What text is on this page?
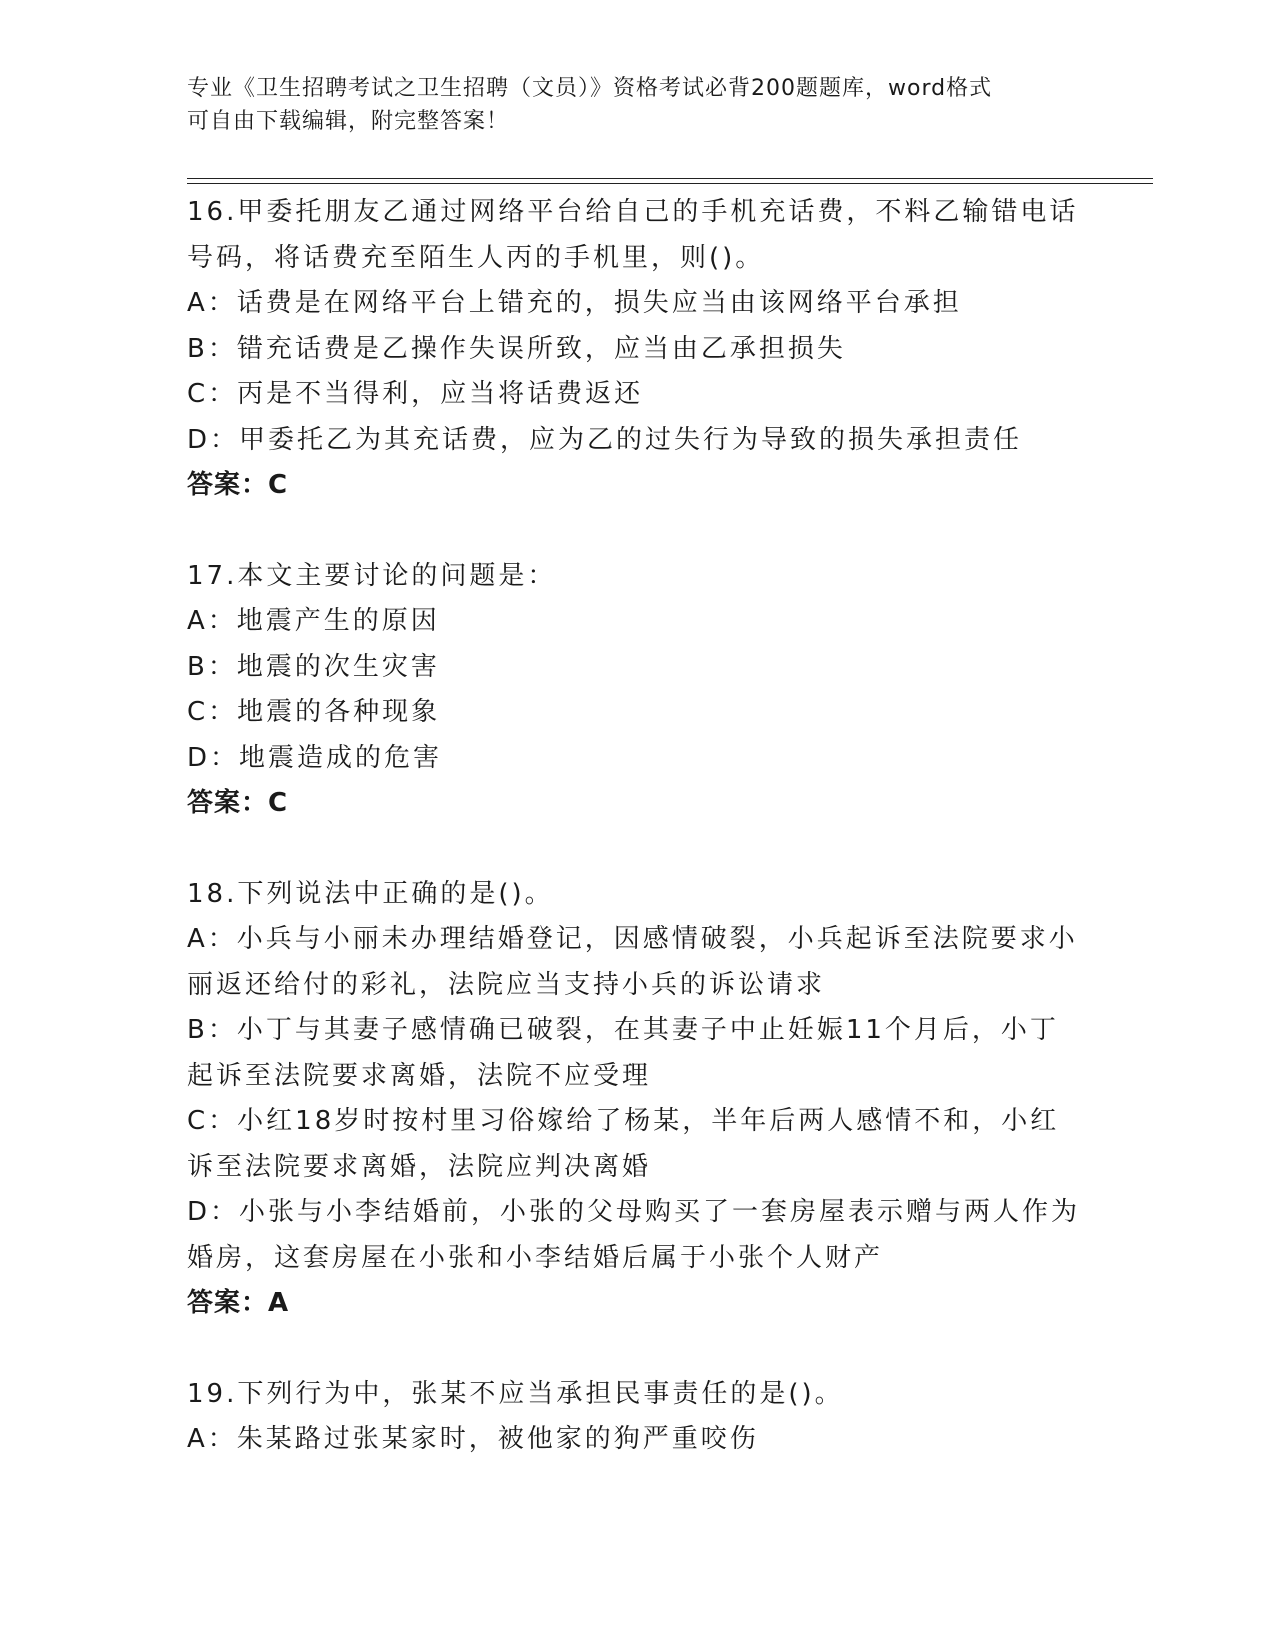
专业《卫生招聘考试之卫生招聘（文员）》资格考试必背200题题库，word格式
可自由下载编辑，附完整答案！
16.甲委托朋友乙通过网络平台给自己的手机充话费，不料乙输错电话
号码，将话费充至陌生人丙的手机里，则()。
A：话费是在网络平台上错充的，损失应当由该网络平台承担
B：错充话费是乙操作失误所致，应当由乙承担损失
C：丙是不当得利，应当将话费返还
D：甲委托乙为其充话费，应为乙的过失行为导致的损失承担责任
答案：C
17.本文主要讨论的问题是：
A：地震产生的原因
B：地震的次生灾害
C：地震的各种现象
D：地震造成的危害
答案：C
18.下列说法中正确的是()。
A：小兵与小丽未办理结婚登记，因感情破裂，小兵起诉至法院要求小
丽返还给付的彩礼，法院应当支持小兵的诉讼请求
B：小丁与其妻子感情确已破裂，在其妻子中止妊娠11个月后，小丁
起诉至法院要求离婚，法院不应受理
C：小红18岁时按村里习俗嫁给了杨某，半年后两人感情不和，小红
诉至法院要求离婚，法院应判决离婚
D：小张与小李结婚前，小张的父母购买了一套房屋表示赠与两人作为
婚房，这套房屋在小张和小李结婚后属于小张个人财产
答案：A
19.下列行为中，张某不应当承担民事责任的是()。
A：朱某路过张某家时，被他家的狗严重咬伤
